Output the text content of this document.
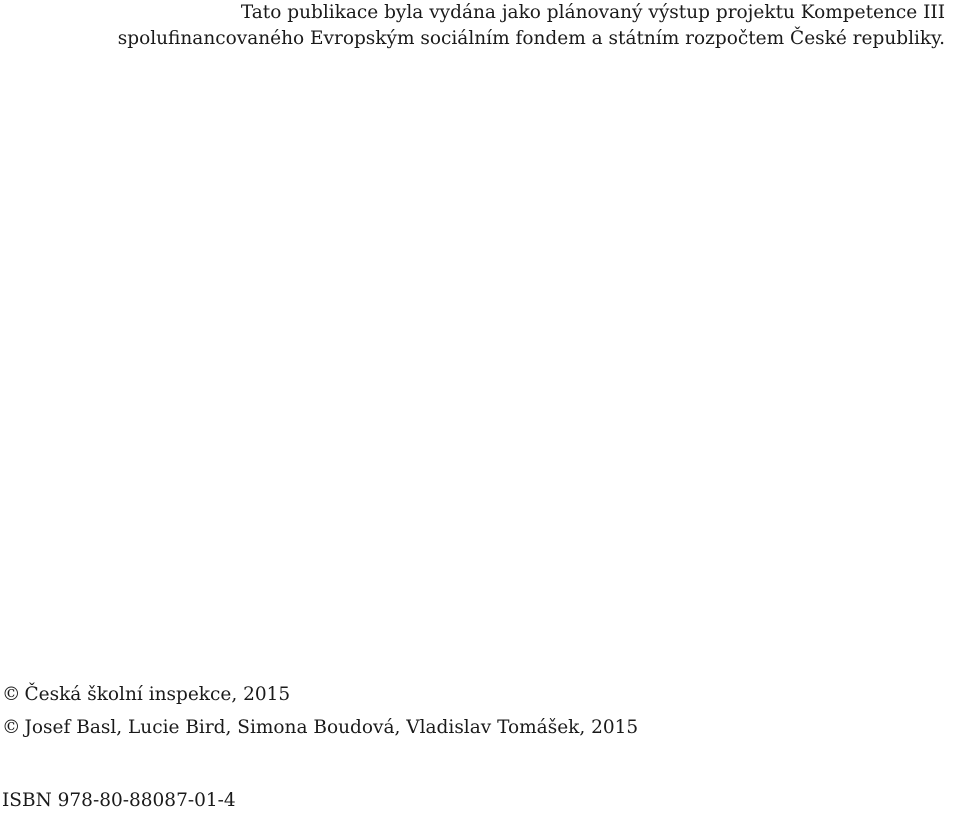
Tato publikace byla vydána jako plánovaný výstup projektu Kompetence III
spolufinancovaného Evropským sociálním fondem a státním rozpočtem České republiky.
© Česká školní inspekce, 2015
© Josef Basl, Lucie Bird, Simona Boudová, Vladislav Tomášek, 2015
ISBN 978-80-88087-01-4
